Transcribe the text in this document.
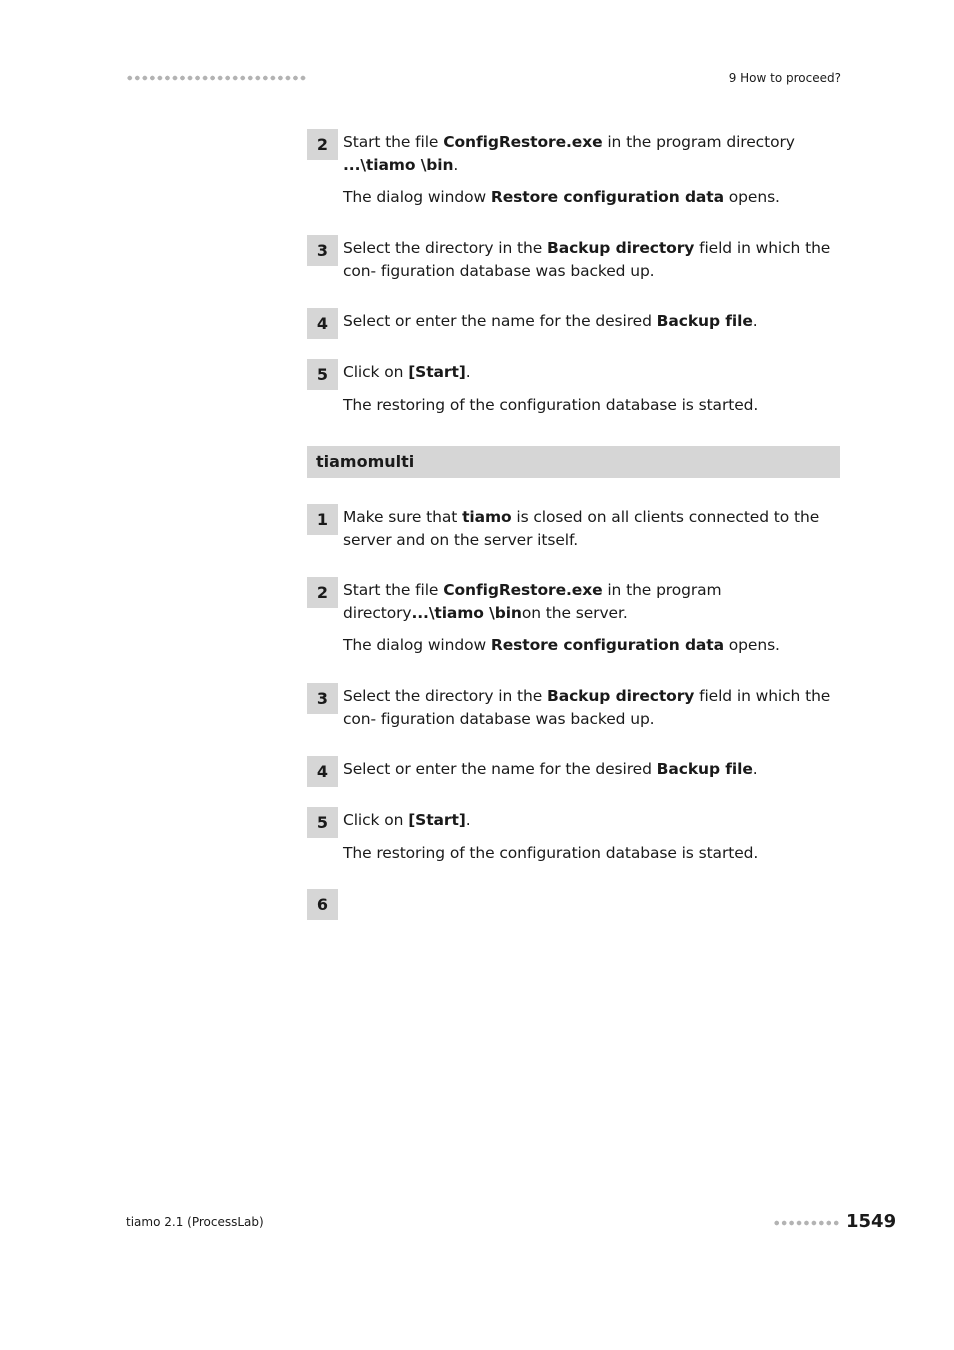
9 How to proceed?
2 Start the file ConfigRestore.exe in the program directory ...\tiamo \bin.
The dialog window Restore configuration data opens.
3 Select the directory in the Backup directory field in which the con- figuration database was backed up.
4 Select or enter the name for the desired Backup file.
5 Click on [Start].
The restoring of the configuration database is started.
tiamomulti
1 Make sure that tiamo is closed on all clients connected to the server and on the server itself.
2 Start the file ConfigRestore.exe in the program directory...\tiamo \binon the server.
The dialog window Restore configuration data opens.
3 Select the directory in the Backup directory field in which the con- figuration database was backed up.
4 Select or enter the name for the desired Backup file.
5 Click on [Start].
The restoring of the configuration database is started.
6
tiamo 2.1 (ProcessLab)	1549
